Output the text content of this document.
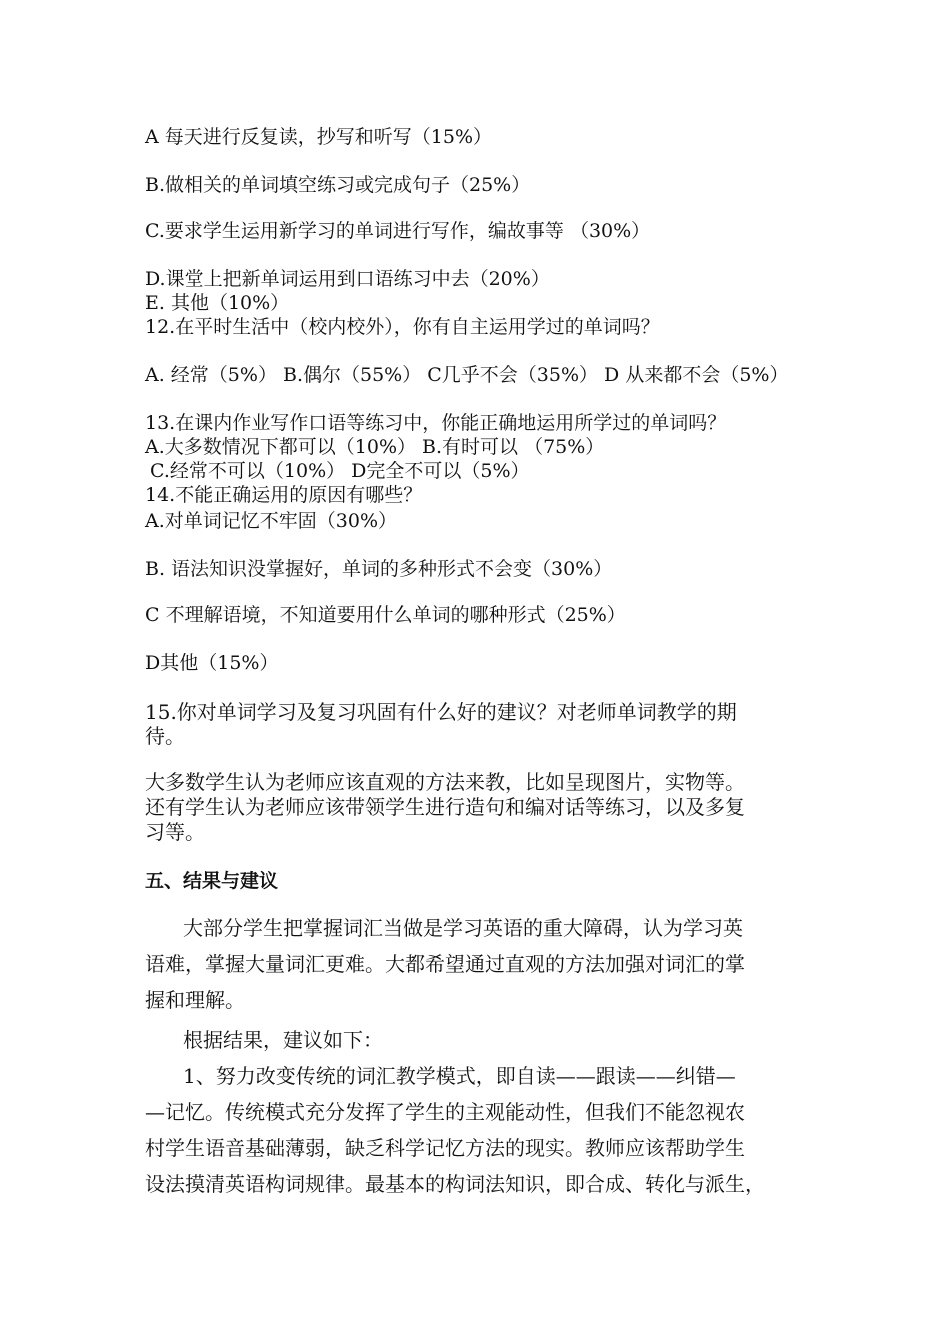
A 每天进行反复读，抄写和听写（15%）

B.做相关的单词填空练习或完成句子（25%）

C.要求学生运用新学习的单词进行写作，编故事等 （30%）

D.课堂上把新单词运用到口语练习中去（20%）

E. 其他（10%）

12.在平时生活中（校内校外），你有自主运用学过的单词吗？

A. 经常（5%） B.偶尔（55%） C几乎不会（35%） D 从来都不会（5%）

13.在课内作业写作口语等练习中，你能正确地运用所学过的单词吗？

A.大多数情况下都可以（10%） B.有时可以 （75%）

C.经常不可以（10%） D完全不可以（5%）

14.不能正确运用的原因有哪些？

A.对单词记忆不牢固（30%）

B. 语法知识没掌握好，单词的多种形式不会变（30%）

C 不理解语境，不知道要用什么单词的哪种形式（25%）

D其他（15%）

15.你对单词学习及复习巩固有什么好的建议？对老师单词教学的期

待。

大多数学生认为老师应该直观的方法来教，比如呈现图片，实物等。

还有学生认为老师应该带领学生进行造句和编对话等练习，以及多复

习等。

五、结果与建议

大部分学生把掌握词汇当做是学习英语的重大障碍，认为学习英

语难，掌握大量词汇更难。大都希望通过直观的方法加强对词汇的掌

握和理解。

根据结果，建议如下：

1、努力改变传统的词汇教学模式，即自读——跟读——纠错—

—记忆。传统模式充分发挥了学生的主观能动性，但我们不能忽视农

村学生语音基础薄弱，缺乏科学记忆方法的现实。教师应该帮助学生

设法摸清英语构词规律。最基本的构词法知识，即合成、转化与派生，
